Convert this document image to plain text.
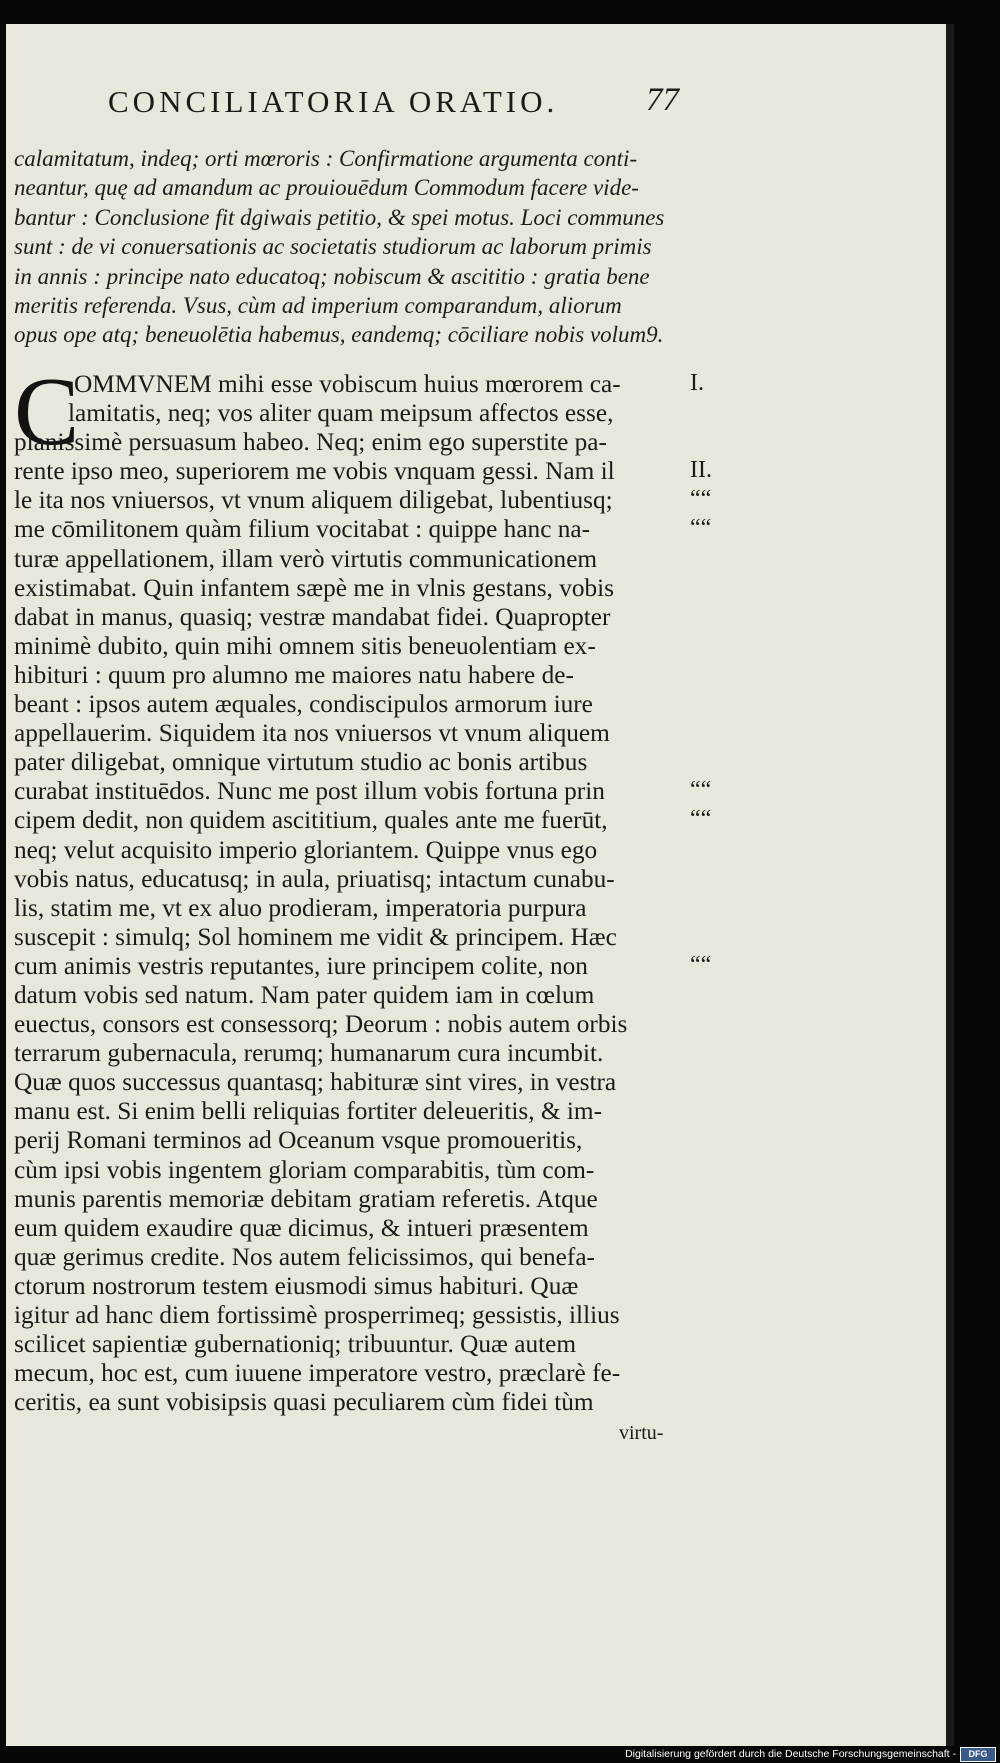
CONCILIATORIA ORATIO.	77
calamitatum, indeq; orti mœroris : Confirmatione argumenta conti-
neantur, quę ad amandum ac prouiouēdum Commodum facere vide-
bantur : Conclusione fit dgiwais petitio, & spei motus. Loci communes
sunt : de vi conuersationis ac societatis studiorum ac laborum primis
in annis : principe nato educatoq; nobiscum & ascititio : gratia bene
meritis referenda. Vsus, cùm ad imperium comparandum, aliorum
opus ope atq; beneuolētia habemus, eandemq; cōciliare nobis volum9.
C
OMMVNEM mihi esse vobiscum huius mœrorem ca-
lamitatis, neq; vos aliter quam meipsum affectos esse,
planissimè persuasum habeo. Neq; enim ego superstite pa-
rente ipso meo, superiorem me vobis vnquam gessi. Nam il
le ita nos vniuersos, vt vnum aliquem diligebat, lubentiusq;
me cōmilitonem quàm filium vocitabat : quippe hanc na-
turæ appellationem, illam verò virtutis communicationem
existimabat. Quin infantem sæpè me in vlnis gestans, vobis
dabat in manus, quasiq; vestræ mandabat fidei. Quapropter
minimè dubito, quin mihi omnem sitis beneuolentiam ex-
hibituri : quum pro alumno me maiores natu habere de-
beant : ipsos autem æquales, condiscipulos armorum iure
appellauerim. Siquidem ita nos vniuersos vt vnum aliquem
pater diligebat, omnique virtutum studio ac bonis artibus
curabat instituēdos. Nunc me post illum vobis fortuna prin
cipem dedit, non quidem ascititium, quales ante me fuerūt,
neq; velut acquisito imperio gloriantem. Quippe vnus ego
vobis natus, educatusq; in aula, priuatisq; intactum cunabu-
lis, statim me, vt ex aluo prodieram, imperatoria purpura
suscepit : simulq; Sol hominem me vidit & principem. Hæc
cum animis vestris reputantes, iure principem colite, non
datum vobis sed natum. Nam pater quidem iam in cœlum
euectus, consors est consessorq; Deorum : nobis autem orbis
terrarum gubernacula, rerumq; humanarum cura incumbit.
Quæ quos successus quantasq; habituræ sint vires, in vestra
manu est. Si enim belli reliquias fortiter deleueritis, & im-
perij Romani terminos ad Oceanum vsque promoueritis,
cùm ipsi vobis ingentem gloriam comparabitis, tùm com-
munis parentis memoriæ debitam gratiam referetis. Atque
eum quidem exaudire quæ dicimus, & intueri præsentem
quæ gerimus credite. Nos autem felicissimos, qui benefa-
ctorum nostrorum testem eiusmodi simus habituri. Quæ
igitur ad hanc diem fortissimè prosperrimeq; gessistis, illius
scilicet sapientiæ gubernationiq; tribuuntur. Quæ autem
mecum, hoc est, cum iuuene imperatore vestro, præclarè fe-
ceritis, ea sunt vobisipsis quasi peculiarem cùm fidei tùm
I.
II.
““
““
““
““
““
virtu-
Digitalisierung gefördert durch die Deutsche Forschungsgemeinschaft -	DFG
